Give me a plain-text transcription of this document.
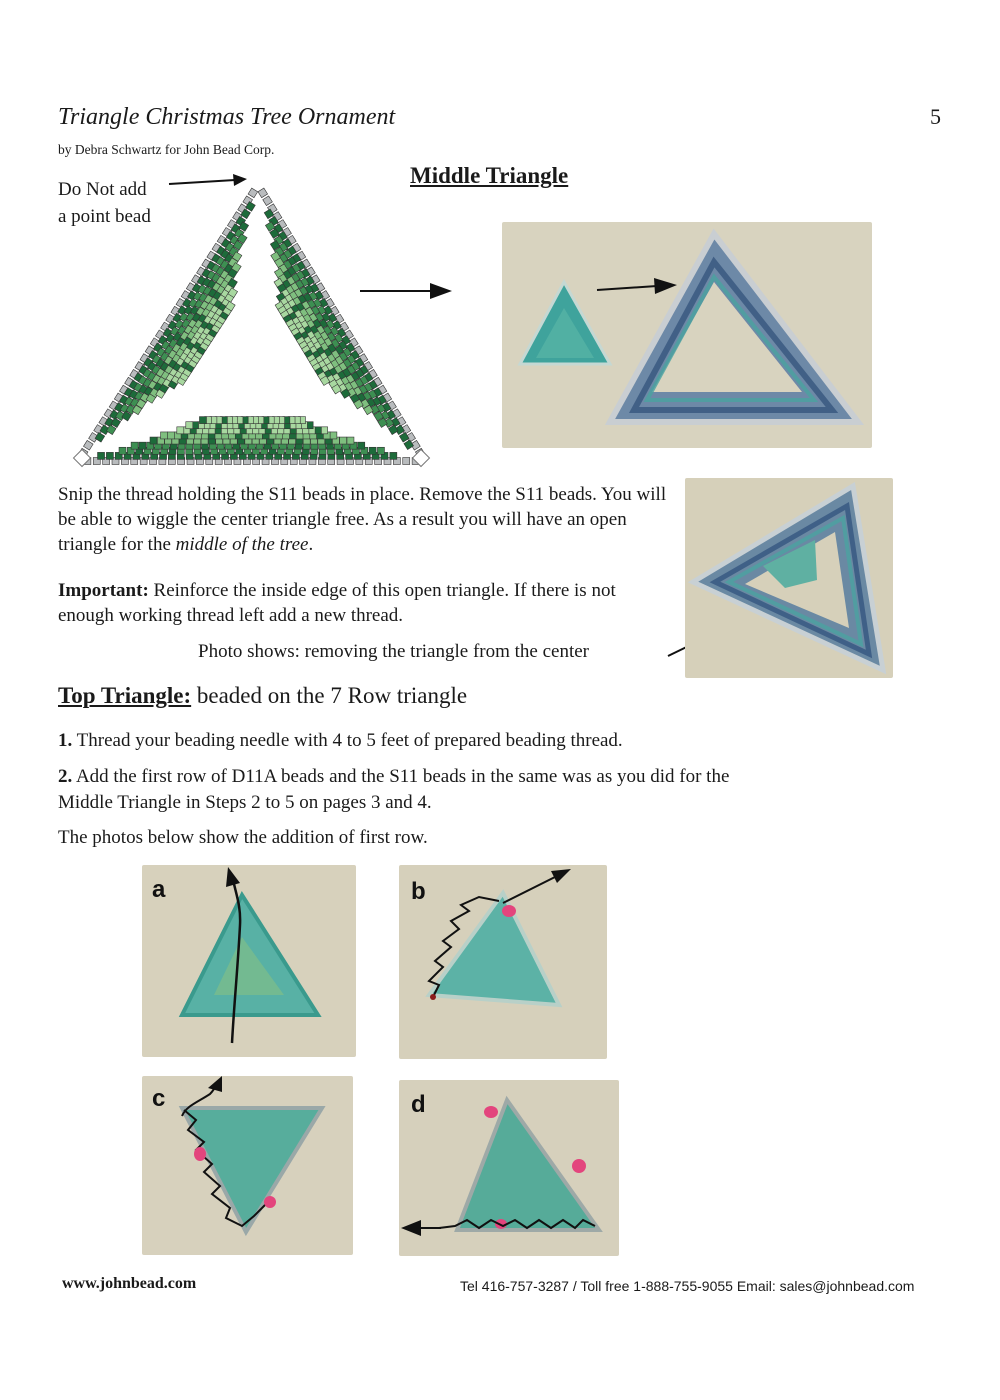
Triangle Christmas Tree Ornament	5
by Debra Schwartz for John Bead Corp.
Middle Triangle
Do Not add
a point bead
Snip the thread holding the S11 beads in place. Remove the S11 beads. You will be able to wiggle the center triangle free. As a result you will have an open triangle for the middle of the tree.
Important: Reinforce the inside edge of this open triangle. If there is not enough working thread left add a new thread.
Photo shows: removing the triangle from the center
Top Triangle: beaded on the 7 Row triangle
1. Thread your beading needle with 4 to 5 feet of prepared beading thread.
2. Add the first row of D11A beads and the S11 beads in the same was as you did for the Middle Triangle in Steps 2 to 5 on pages 3 and 4.
The photos below show the addition of first row.
a	b
c	d
www.johnbead.com	Tel 416-757-3287 / Toll free 1-888-755-9055 Email: sales@johnbead.com
